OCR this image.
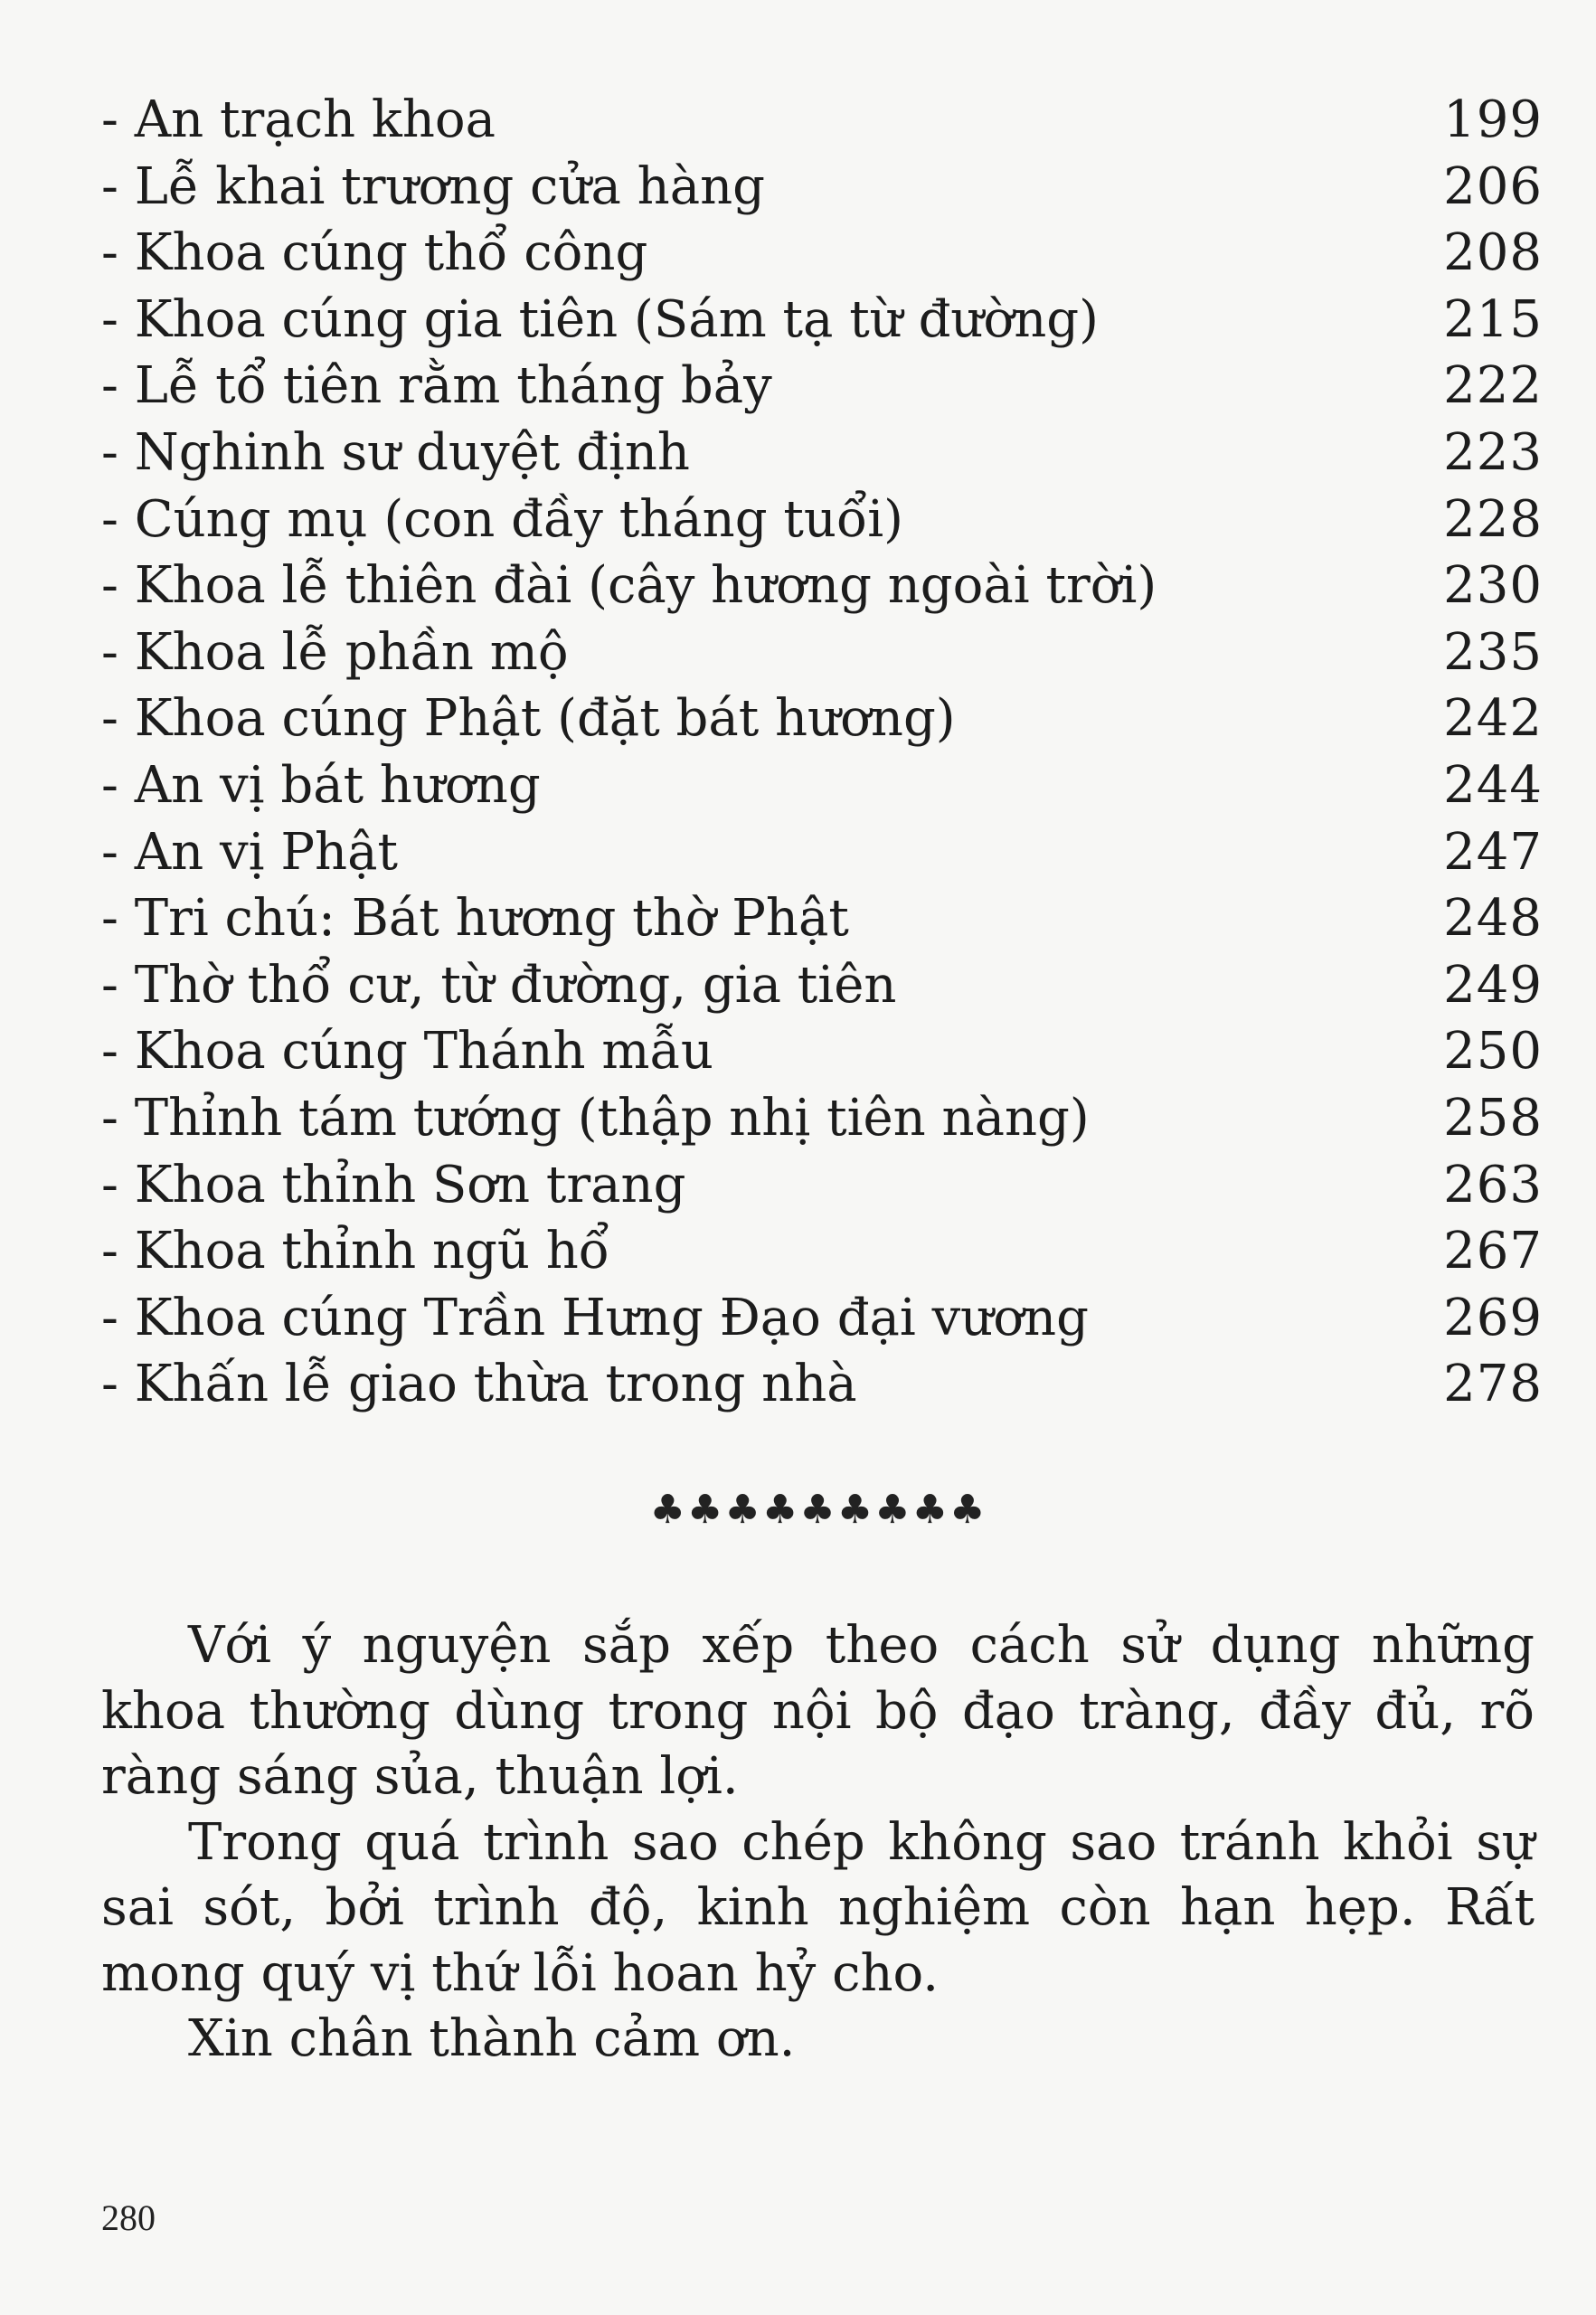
- An trạch khoa	199
- Lễ khai trương cửa hàng	206
- Khoa cúng thổ công	208
- Khoa cúng gia tiên (Sám tạ từ đường)	215
- Lễ tổ tiên rằm tháng bảy	222
- Nghinh sư duyệt định	223
- Cúng mụ (con đầy tháng tuổi)	228
- Khoa lễ thiên đài (cây hương ngoài trời)	230
- Khoa lễ phần mộ	235
- Khoa cúng Phật (đặt bát hương)	242
- An vị bát hương	244
- An vị Phật	247
- Tri chú: Bát hương thờ Phật	248
- Thờ thổ cư, từ đường, gia tiên	249
- Khoa cúng Thánh mẫu	250
- Thỉnh tám tướng (thập nhị tiên nàng)	258
- Khoa thỉnh Sơn trang	263
- Khoa thỉnh ngũ hổ	267
- Khoa cúng Trần Hưng Đạo đại vương	269
- Khấn lễ giao thừa trong nhà	278
♣♣♣♣♣♣♣♣♣

Với ý nguyện sắp xếp theo cách sử dụng những khoa thường dùng trong nội bộ đạo tràng, đầy đủ, rõ ràng sáng sủa, thuận lợi.

Trong quá trình sao chép không sao tránh khỏi sự sai sót, bởi trình độ, kinh nghiệm còn hạn hẹp. Rất mong quý vị thứ lỗi hoan hỷ cho.

Xin chân thành cảm ơn.

280
